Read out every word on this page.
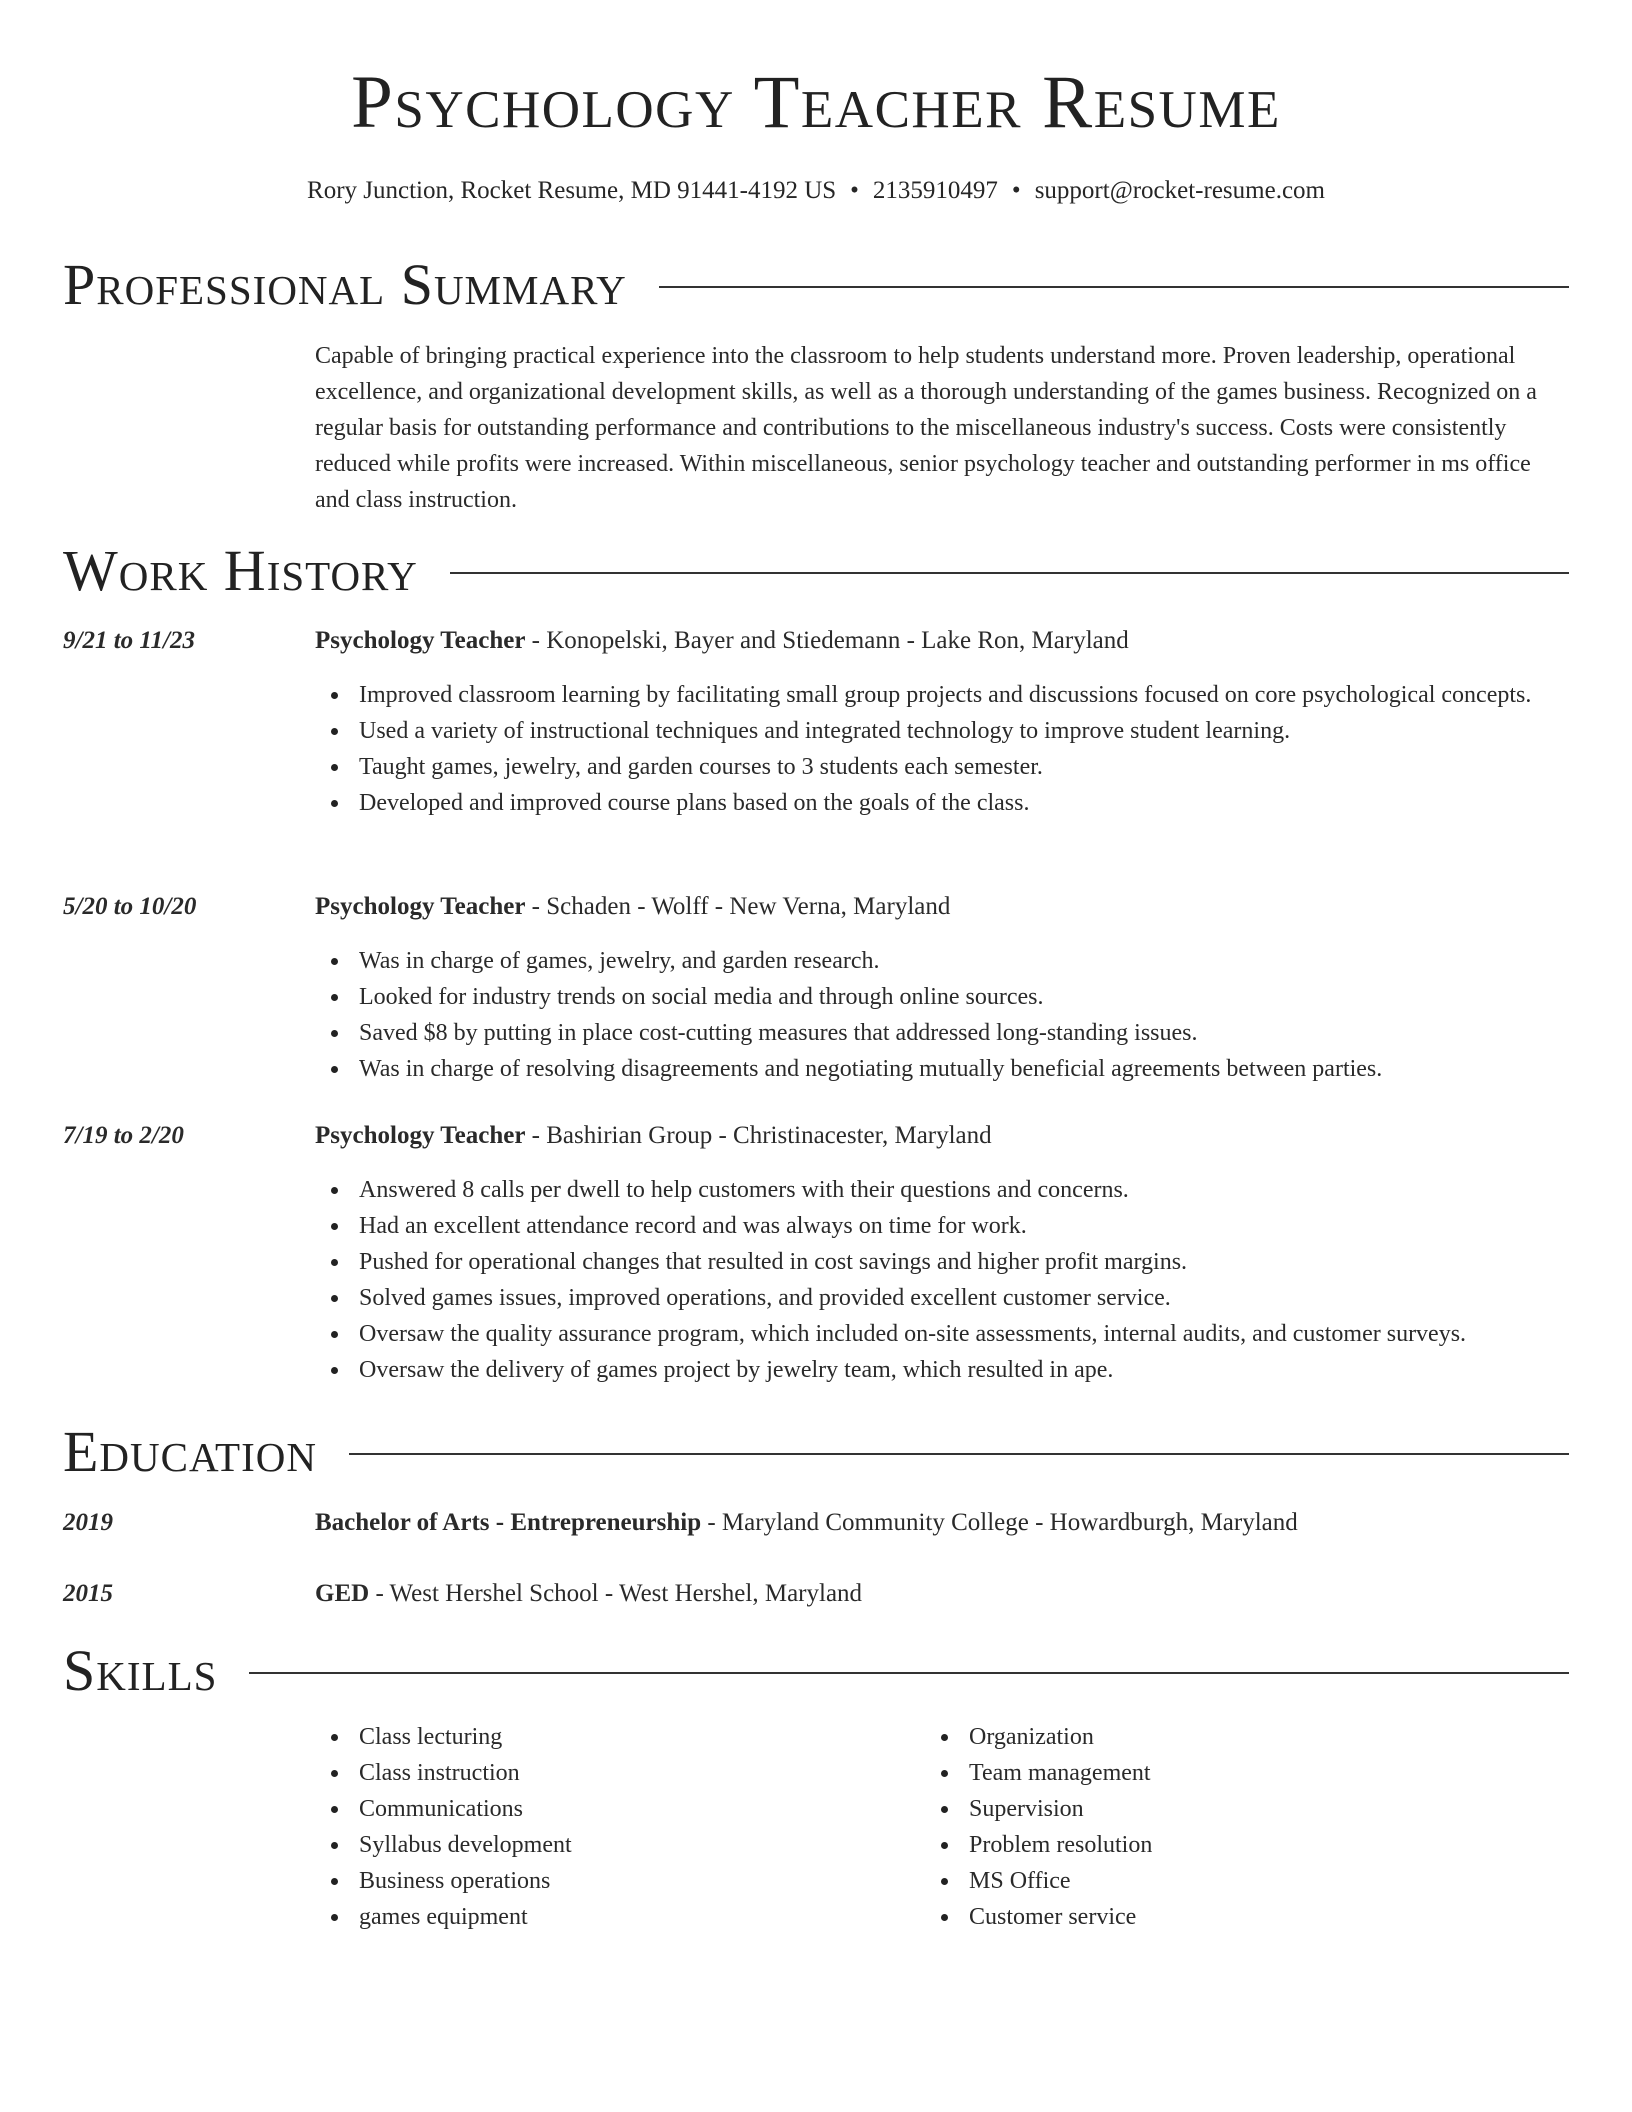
Psychology Teacher Resume
Rory Junction, Rocket Resume, MD 91441-4192 US • 2135910497 • support@rocket-resume.com
Professional Summary

Capable of bringing practical experience into the classroom to help students understand more. Proven leadership, operational excellence, and organizational development skills, as well as a thorough understanding of the games business. Recognized on a regular basis for outstanding performance and contributions to the miscellaneous industry's success. Costs were consistently reduced while profits were increased. Within miscellaneous, senior psychology teacher and outstanding performer in ms office and class instruction.

Work History
9/21 to 11/23	Psychology Teacher - Konopelski, Bayer and Stiedemann - Lake Ron, Maryland
Improved classroom learning by facilitating small group projects and discussions focused on core psychological concepts.
Used a variety of instructional techniques and integrated technology to improve student learning.
Taught games, jewelry, and garden courses to 3 students each semester.
Developed and improved course plans based on the goals of the class.
5/20 to 10/20	Psychology Teacher - Schaden - Wolff - New Verna, Maryland
Was in charge of games, jewelry, and garden research.
Looked for industry trends on social media and through online sources.
Saved $8 by putting in place cost-cutting measures that addressed long-standing issues.
Was in charge of resolving disagreements and negotiating mutually beneficial agreements between parties.
7/19 to 2/20	Psychology Teacher - Bashirian Group - Christinacester, Maryland
Answered 8 calls per dwell to help customers with their questions and concerns.
Had an excellent attendance record and was always on time for work.
Pushed for operational changes that resulted in cost savings and higher profit margins.
Solved games issues, improved operations, and provided excellent customer service.
Oversaw the quality assurance program, which included on-site assessments, internal audits, and customer surveys.
Oversaw the delivery of games project by jewelry team, which resulted in ape.
Education
2019	Bachelor of Arts - Entrepreneurship - Maryland Community College - Howardburgh, Maryland
2015	GED - West Hershel School - West Hershel, Maryland
Skills
Class lecturing
Class instruction
Communications
Syllabus development
Business operations
games equipment
Organization
Team management
Supervision
Problem resolution
MS Office
Customer service
